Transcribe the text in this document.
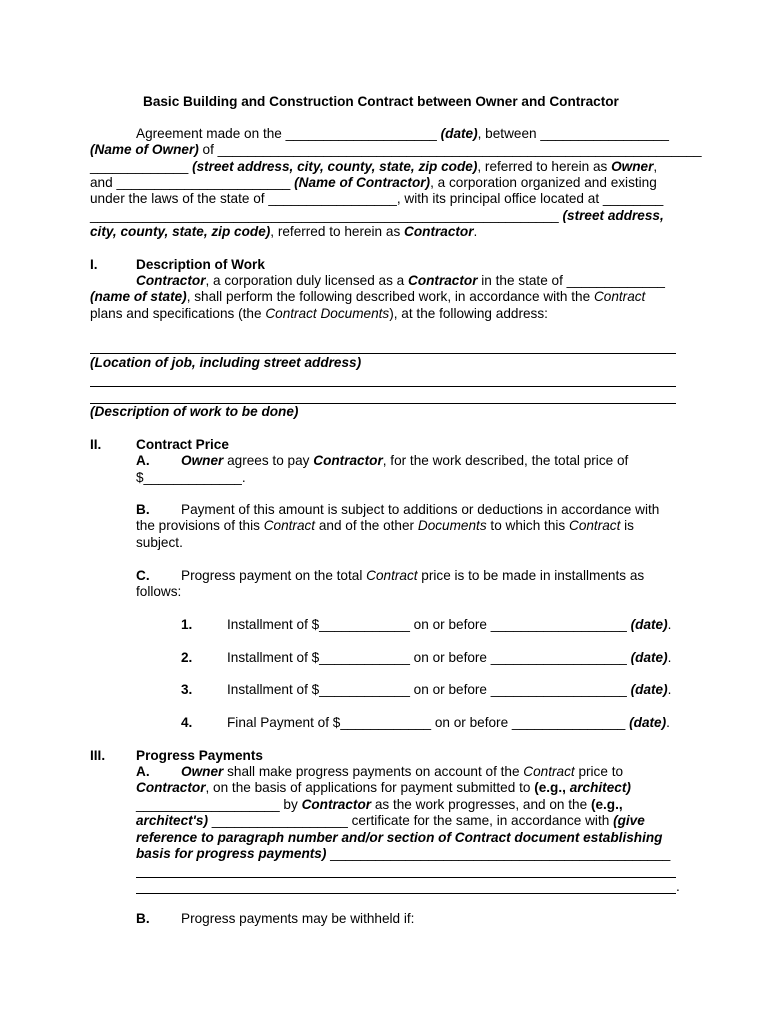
Basic Building and Construction Contract between Owner and Contractor
Agreement made on the ____________________ (date), between _________________
(Name of Owner) of ________________________________________________________________
_____________ (street address, city, county, state, zip code), referred to herein as Owner,
and _______________________ (Name of Contractor), a corporation organized and existing
under the laws of the state of _________________, with its principal office located at ________
______________________________________________________________ (street address,
city, county, state, zip code), referred to herein as Contractor.
I.	Description of Work
Contractor, a corporation duly licensed as a Contractor in the state of _____________
(name of state), shall perform the following described work, in accordance with the Contract
plans and specifications (the Contract Documents), at the following address:
(Location of job, including street address)
(Description of work to be done)
II.	Contract Price
A. Owner agrees to pay Contractor, for the work described, the total price of
$_____________.
B. Payment of this amount is subject to additions or deductions in accordance with
the provisions of this Contract and of the other Documents to which this Contract is
subject.
C. Progress payment on the total Contract price is to be made in installments as
follows:
1.	Installment of $____________ on or before __________________ (date).
2.	Installment of $____________ on or before __________________ (date).
3.	Installment of $____________ on or before __________________ (date).
4.	Final Payment of $____________ on or before _______________ (date).
III. Progress Payments
A. Owner shall make progress payments on account of the Contract price to
Contractor, on the basis of applications for payment submitted to (e.g., architect)
___________________ by Contractor as the work progresses, and on the (e.g.,
architect's) __________________ certificate for the same, in accordance with (give
reference to paragraph number and/or section of Contract document establishing
basis for progress payments) _____________________________________________
.
B. Progress payments may be withheld if:
